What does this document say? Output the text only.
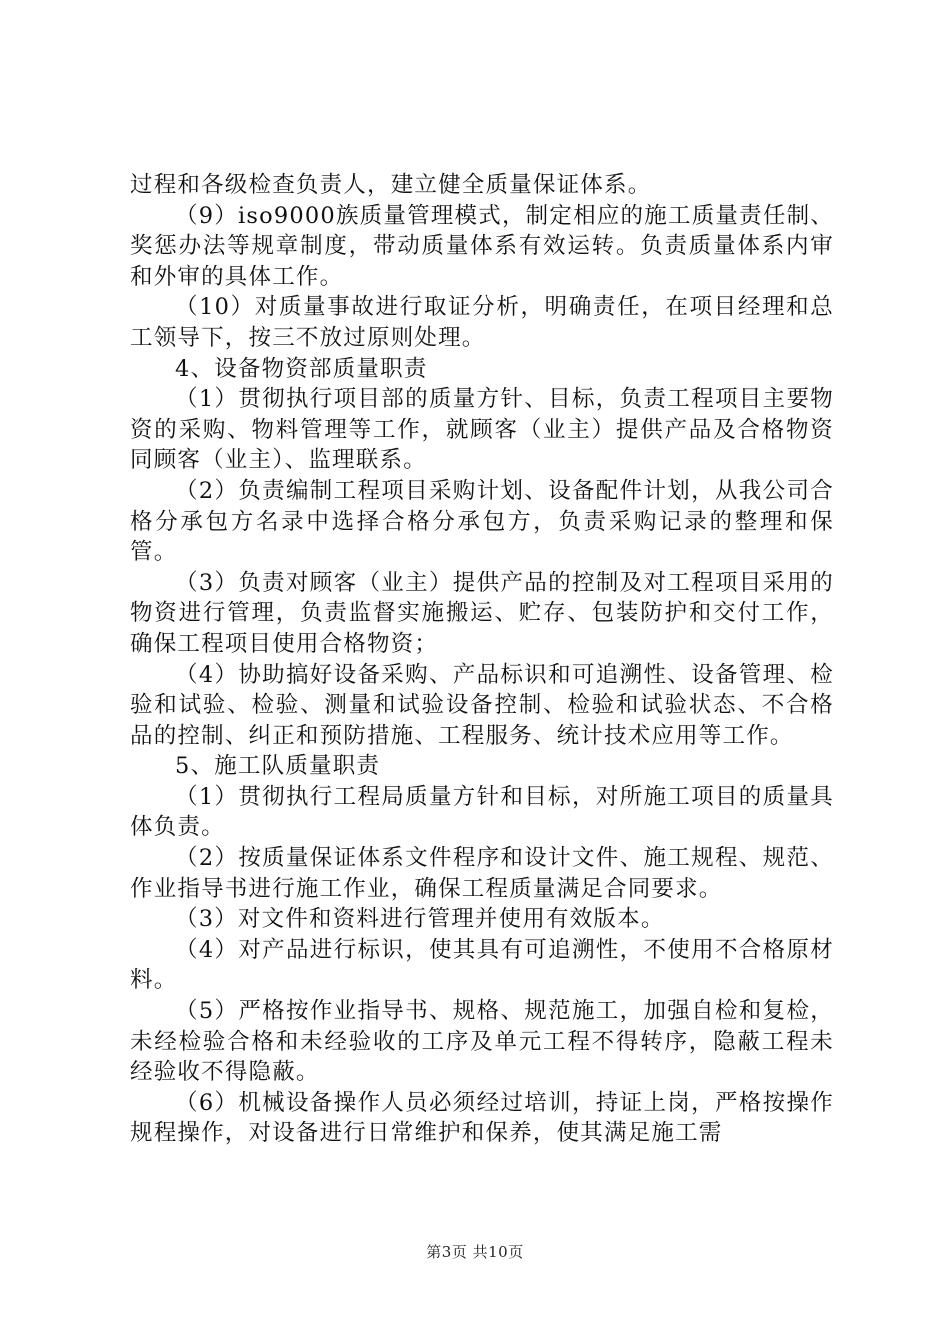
过程和各级检查负责人，建立健全质量保证体系。

（9）iso9000族质量管理模式，制定相应的施工质量责任制、奖惩办法等规章制度，带动质量体系有效运转。负责质量体系内审和外审的具体工作。

（10）对质量事故进行取证分析，明确责任，在项目经理和总工领导下，按三不放过原则处理。

4、设备物资部质量职责

（1）贯彻执行项目部的质量方针、目标，负责工程项目主要物资的采购、物料管理等工作，就顾客（业主）提供产品及合格物资同顾客（业主）、监理联系。

（2）负责编制工程项目采购计划、设备配件计划，从我公司合格分承包方名录中选择合格分承包方，负责采购记录的整理和保管。

（3）负责对顾客（业主）提供产品的控制及对工程项目采用的物资进行管理，负责监督实施搬运、贮存、包装防护和交付工作，确保工程项目使用合格物资；

（4）协助搞好设备采购、产品标识和可追溯性、设备管理、检验和试验、检验、测量和试验设备控制、检验和试验状态、不合格品的控制、纠正和预防措施、工程服务、统计技术应用等工作。

5、施工队质量职责

（1）贯彻执行工程局质量方针和目标，对所施工项目的质量具体负责。

（2）按质量保证体系文件程序和设计文件、施工规程、规范、作业指导书进行施工作业，确保工程质量满足合同要求。

（3）对文件和资料进行管理并使用有效版本。

（4）对产品进行标识，使其具有可追溯性，不使用不合格原材料。

（5）严格按作业指导书、规格、规范施工，加强自检和复检，未经检验合格和未经验收的工序及单元工程不得转序，隐蔽工程未经验收不得隐蔽。

（6）机械设备操作人员必须经过培训，持证上岗，严格按操作规程操作，对设备进行日常维护和保养，使其满足施工需

第3页 共10页
